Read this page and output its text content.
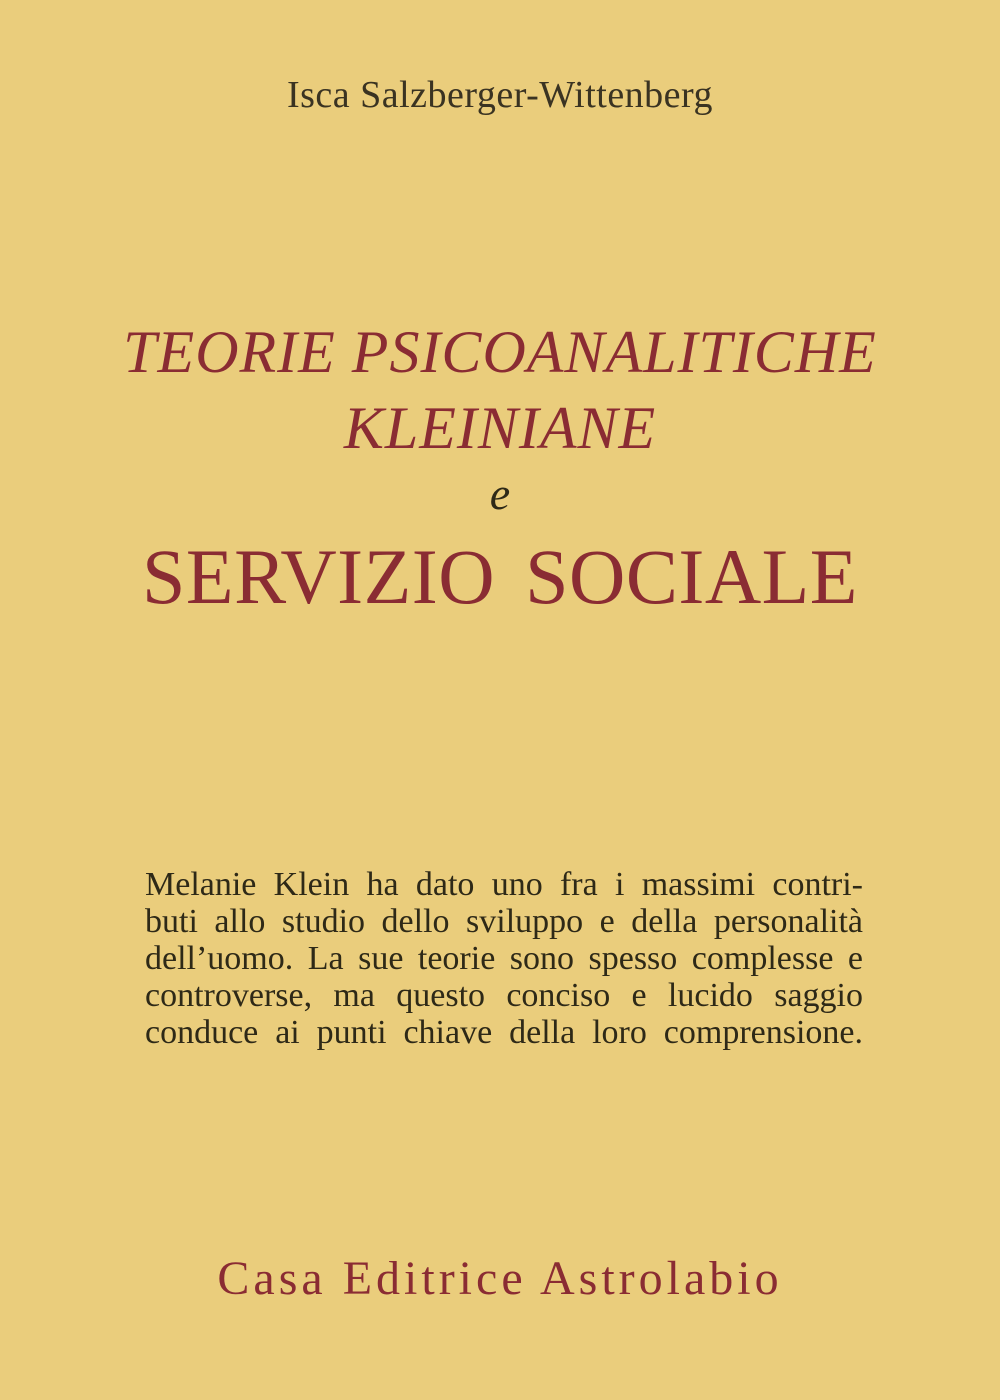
Isca Salzberger-Wittenberg
TEORIE PSICOANALITICHE
KLEINIANE
e
SERVIZIO SOCIALE
Melanie Klein ha dato uno fra i massimi contri-
buti allo studio dello sviluppo e della personalità
dell’uomo. La sue teorie sono spesso complesse e
controverse, ma questo conciso e lucido saggio
conduce ai punti chiave della loro comprensione.
Casa Editrice Astrolabio
